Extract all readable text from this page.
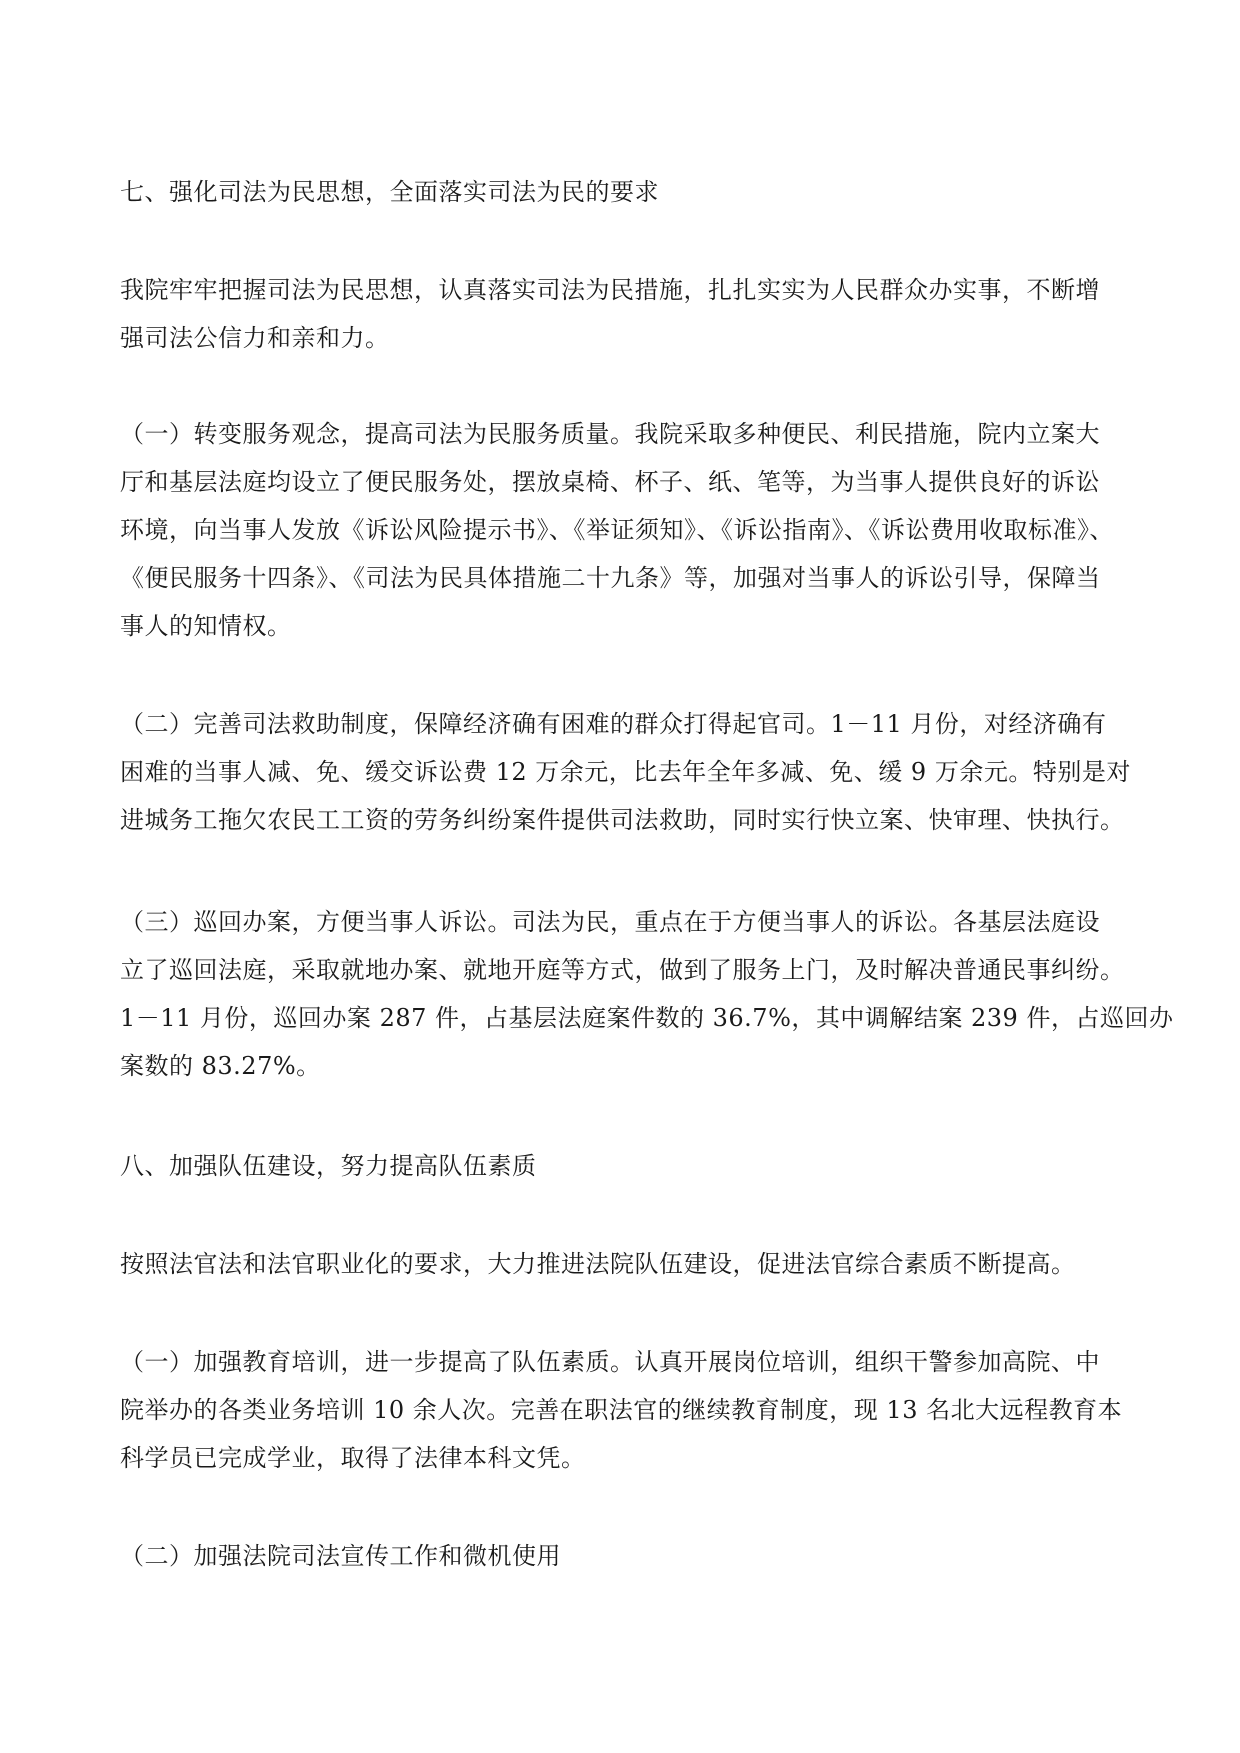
七、强化司法为民思想，全面落实司法为民的要求
我院牢牢把握司法为民思想，认真落实司法为民措施，扎扎实实为人民群众办实事，不断增
强司法公信力和亲和力。
（一）转变服务观念，提高司法为民服务质量。我院采取多种便民、利民措施，院内立案大
厅和基层法庭均设立了便民服务处，摆放桌椅、杯子、纸、笔等，为当事人提供良好的诉讼
环境，向当事人发放《诉讼风险提示书》、《举证须知》、《诉讼指南》、《诉讼费用收取标准》、
《便民服务十四条》、《司法为民具体措施二十九条》等，加强对当事人的诉讼引导，保障当
事人的知情权。
（二）完善司法救助制度，保障经济确有困难的群众打得起官司。1－11 月份，对经济确有
困难的当事人减、免、缓交诉讼费 12 万余元，比去年全年多减、免、缓 9 万余元。特别是对
进城务工拖欠农民工工资的劳务纠纷案件提供司法救助，同时实行快立案、快审理、快执行。
（三）巡回办案，方便当事人诉讼。司法为民，重点在于方便当事人的诉讼。各基层法庭设
立了巡回法庭，采取就地办案、就地开庭等方式，做到了服务上门，及时解决普通民事纠纷。
1－11 月份，巡回办案 287 件，占基层法庭案件数的 36.7%，其中调解结案 239 件，占巡回办
案数的 83.27%。
八、加强队伍建设，努力提高队伍素质
按照法官法和法官职业化的要求，大力推进法院队伍建设，促进法官综合素质不断提高。
（一）加强教育培训，进一步提高了队伍素质。认真开展岗位培训，组织干警参加高院、中
院举办的各类业务培训 10 余人次。完善在职法官的继续教育制度，现 13 名北大远程教育本
科学员已完成学业，取得了法律本科文凭。
（二）加强法院司法宣传工作和微机使用
